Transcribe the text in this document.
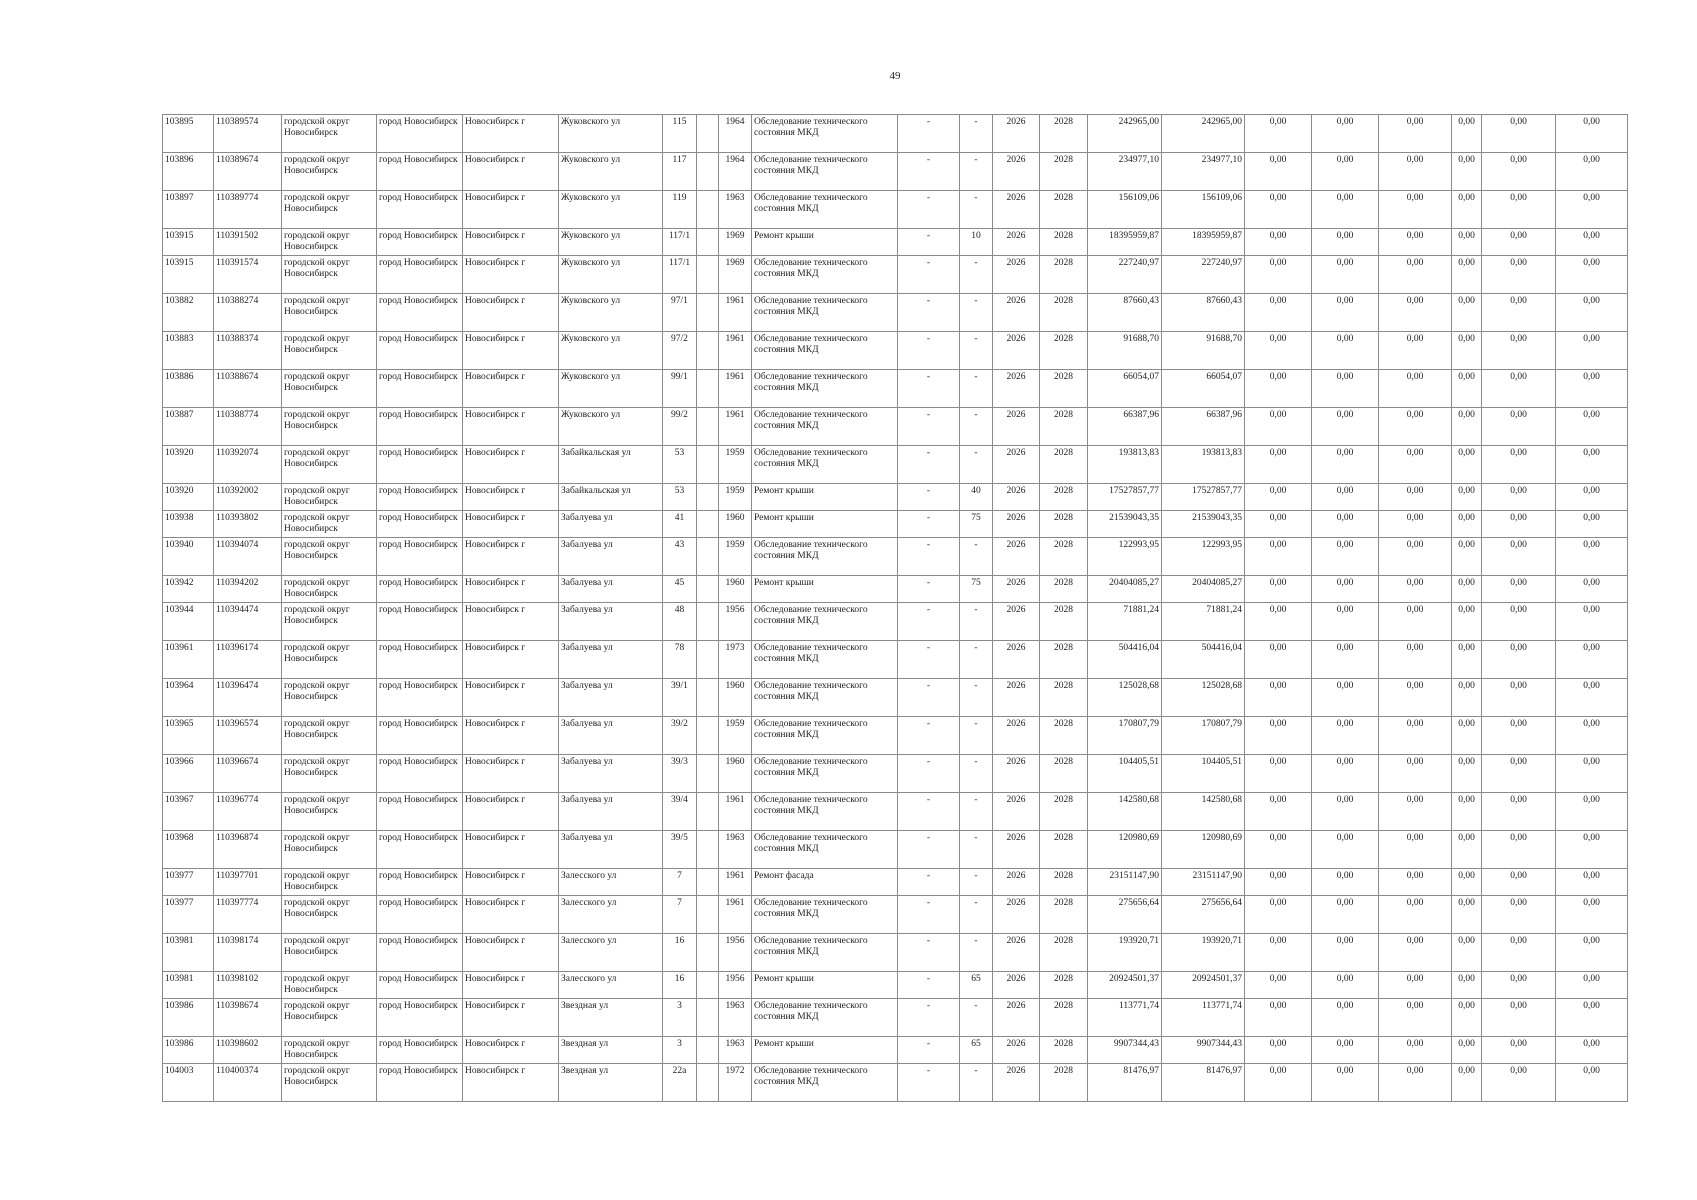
49
103895	110389574	городской округ Новосибирск	город Новосибирск	Новосибирск г	Жуковского ул	115		1964	Обследование технического состояния МКД	-	-	2026	2028	242965,00	242965,00	0,00	0,00	0,00	0,00	0,00	0,00
103896	110389674	городской округ Новосибирск	город Новосибирск	Новосибирск г	Жуковского ул	117		1964	Обследование технического состояния МКД	-	-	2026	2028	234977,10	234977,10	0,00	0,00	0,00	0,00	0,00	0,00
103897	110389774	городской округ Новосибирск	город Новосибирск	Новосибирск г	Жуковского ул	119		1963	Обследование технического состояния МКД	-	-	2026	2028	156109,06	156109,06	0,00	0,00	0,00	0,00	0,00	0,00
103915	110391502	городской округ Новосибирск	город Новосибирск	Новосибирск г	Жуковского ул	117/1		1969	Ремонт крыши	-	10	2026	2028	18395959,87	18395959,87	0,00	0,00	0,00	0,00	0,00	0,00
103915	110391574	городской округ Новосибирск	город Новосибирск	Новосибирск г	Жуковского ул	117/1		1969	Обследование технического состояния МКД	-	-	2026	2028	227240,97	227240,97	0,00	0,00	0,00	0,00	0,00	0,00
103882	110388274	городской округ Новосибирск	город Новосибирск	Новосибирск г	Жуковского ул	97/1		1961	Обследование технического состояния МКД	-	-	2026	2028	87660,43	87660,43	0,00	0,00	0,00	0,00	0,00	0,00
103883	110388374	городской округ Новосибирск	город Новосибирск	Новосибирск г	Жуковского ул	97/2		1961	Обследование технического состояния МКД	-	-	2026	2028	91688,70	91688,70	0,00	0,00	0,00	0,00	0,00	0,00
103886	110388674	городской округ Новосибирск	город Новосибирск	Новосибирск г	Жуковского ул	99/1		1961	Обследование технического состояния МКД	-	-	2026	2028	66054,07	66054,07	0,00	0,00	0,00	0,00	0,00	0,00
103887	110388774	городской округ Новосибирск	город Новосибирск	Новосибирск г	Жуковского ул	99/2		1961	Обследование технического состояния МКД	-	-	2026	2028	66387,96	66387,96	0,00	0,00	0,00	0,00	0,00	0,00
103920	110392074	городской округ Новосибирск	город Новосибирск	Новосибирск г	Забайкальская ул	53		1959	Обследование технического состояния МКД	-	-	2026	2028	193813,83	193813,83	0,00	0,00	0,00	0,00	0,00	0,00
103920	110392002	городской округ Новосибирск	город Новосибирск	Новосибирск г	Забайкальская ул	53		1959	Ремонт крыши	-	40	2026	2028	17527857,77	17527857,77	0,00	0,00	0,00	0,00	0,00	0,00
103938	110393802	городской округ Новосибирск	город Новосибирск	Новосибирск г	Забалуева ул	41		1960	Ремонт крыши	-	75	2026	2028	21539043,35	21539043,35	0,00	0,00	0,00	0,00	0,00	0,00
103940	110394074	городской округ Новосибирск	город Новосибирск	Новосибирск г	Забалуева ул	43		1959	Обследование технического состояния МКД	-	-	2026	2028	122993,95	122993,95	0,00	0,00	0,00	0,00	0,00	0,00
103942	110394202	городской округ Новосибирск	город Новосибирск	Новосибирск г	Забалуева ул	45		1960	Ремонт крыши	-	75	2026	2028	20404085,27	20404085,27	0,00	0,00	0,00	0,00	0,00	0,00
103944	110394474	городской округ Новосибирск	город Новосибирск	Новосибирск г	Забалуева ул	48		1956	Обследование технического состояния МКД	-	-	2026	2028	71881,24	71881,24	0,00	0,00	0,00	0,00	0,00	0,00
103961	110396174	городской округ Новосибирск	город Новосибирск	Новосибирск г	Забалуева ул	78		1973	Обследование технического состояния МКД	-	-	2026	2028	504416,04	504416,04	0,00	0,00	0,00	0,00	0,00	0,00
103964	110396474	городской округ Новосибирск	город Новосибирск	Новосибирск г	Забалуева ул	39/1		1960	Обследование технического состояния МКД	-	-	2026	2028	125028,68	125028,68	0,00	0,00	0,00	0,00	0,00	0,00
103965	110396574	городской округ Новосибирск	город Новосибирск	Новосибирск г	Забалуева ул	39/2		1959	Обследование технического состояния МКД	-	-	2026	2028	170807,79	170807,79	0,00	0,00	0,00	0,00	0,00	0,00
103966	110396674	городской округ Новосибирск	город Новосибирск	Новосибирск г	Забалуева ул	39/3		1960	Обследование технического состояния МКД	-	-	2026	2028	104405,51	104405,51	0,00	0,00	0,00	0,00	0,00	0,00
103967	110396774	городской округ Новосибирск	город Новосибирск	Новосибирск г	Забалуева ул	39/4		1961	Обследование технического состояния МКД	-	-	2026	2028	142580,68	142580,68	0,00	0,00	0,00	0,00	0,00	0,00
103968	110396874	городской округ Новосибирск	город Новосибирск	Новосибирск г	Забалуева ул	39/5		1963	Обследование технического состояния МКД	-	-	2026	2028	120980,69	120980,69	0,00	0,00	0,00	0,00	0,00	0,00
103977	110397701	городской округ Новосибирск	город Новосибирск	Новосибирск г	Залесского ул	7		1961	Ремонт фасада	-	-	2026	2028	23151147,90	23151147,90	0,00	0,00	0,00	0,00	0,00	0,00
103977	110397774	городской округ Новосибирск	город Новосибирск	Новосибирск г	Залесского ул	7		1961	Обследование технического состояния МКД	-	-	2026	2028	275656,64	275656,64	0,00	0,00	0,00	0,00	0,00	0,00
103981	110398174	городской округ Новосибирск	город Новосибирск	Новосибирск г	Залесского ул	16		1956	Обследование технического состояния МКД	-	-	2026	2028	193920,71	193920,71	0,00	0,00	0,00	0,00	0,00	0,00
103981	110398102	городской округ Новосибирск	город Новосибирск	Новосибирск г	Залесского ул	16		1956	Ремонт крыши	-	65	2026	2028	20924501,37	20924501,37	0,00	0,00	0,00	0,00	0,00	0,00
103986	110398674	городской округ Новосибирск	город Новосибирск	Новосибирск г	Звездная ул	3		1963	Обследование технического состояния МКД	-	-	2026	2028	113771,74	113771,74	0,00	0,00	0,00	0,00	0,00	0,00
103986	110398602	городской округ Новосибирск	город Новосибирск	Новосибирск г	Звездная ул	3		1963	Ремонт крыши	-	65	2026	2028	9907344,43	9907344,43	0,00	0,00	0,00	0,00	0,00	0,00
104003	110400374	городской округ Новосибирск	город Новосибирск	Новосибирск г	Звездная ул	22а		1972	Обследование технического состояния МКД	-	-	2026	2028	81476,97	81476,97	0,00	0,00	0,00	0,00	0,00	0,00
